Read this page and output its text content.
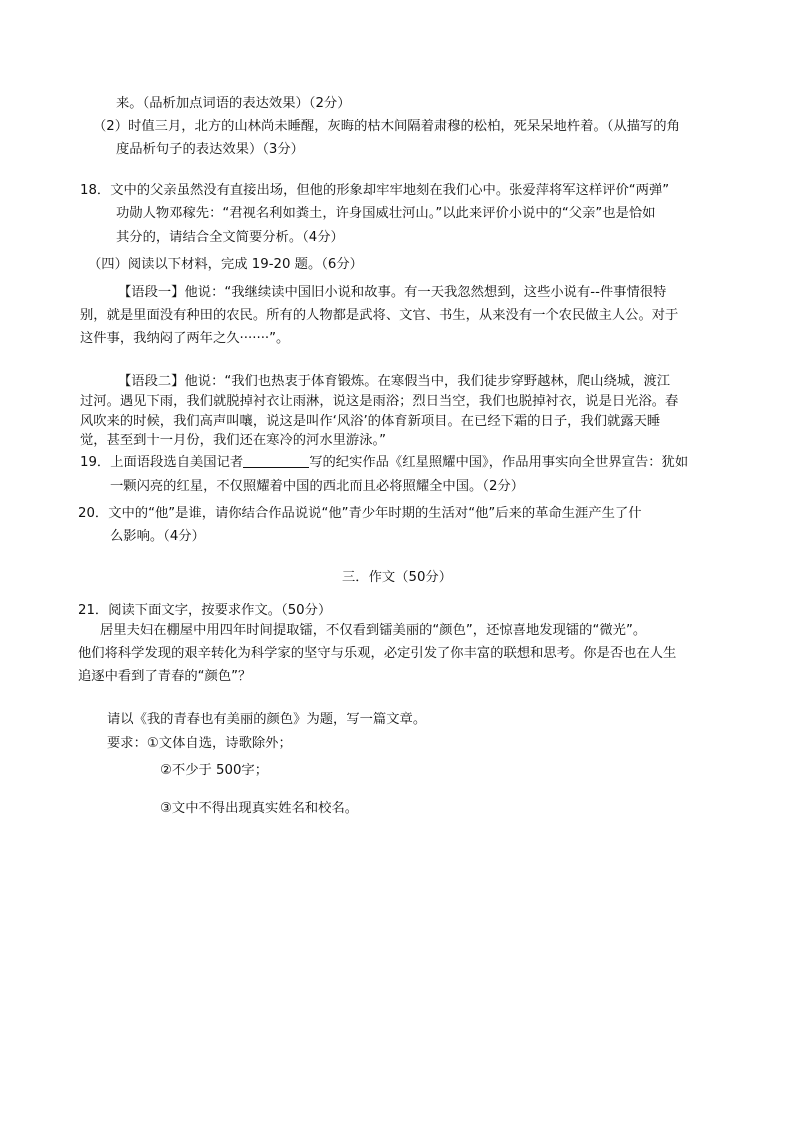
来。（品析加点词语的表达效果）（2分）
（2）时值三月，北方的山林尚未睡醒，灰晦的枯木间隔着肃穆的松柏，死呆呆地杵着。（从描写的角
度品析句子的表达效果）（3分）
18．文中的父亲虽然没有直接出场，但他的形象却牢牢地刻在我们心中。张爱萍将军这样评价“两弹”
功勋人物邓稼先：“君视名利如粪土，许身国威壮河山。”以此来评价小说中的“父亲”也是恰如
其分的，请结合全文简要分析。（4分）
（四）阅读以下材料，完成 19-20 题。（6分）
【语段一】他说：“我继续读中国旧小说和故事。有一天我忽然想到，这些小说有--件事情很特
别，就是里面没有种田的农民。所有的人物都是武将、文官、书生，从来没有一个农民做主人公。对于
这件事，我纳闷了两年之久·······”。
【语段二】他说：“我们也热衷于体育锻炼。在寒假当中，我们徒步穿野越林，爬山绕城，渡江
过河。遇见下雨，我们就脱掉衬衣让雨淋，说这是雨浴；烈日当空，我们也脱掉衬衣，说是日光浴。春
风吹来的时候，我们高声叫嚷，说这是叫作‘风浴’的体育新项目。在已经下霜的日子，我们就露天睡
觉，甚至到十一月份，我们还在寒冷的河水里游泳。”
19．上面语段选自美国记者	写的纪实作品《红星照耀中国》，作品用事实向全世界宣告：犹如
一颗闪亮的红星，不仅照耀着中国的西北而且必将照耀全中国。（2分）
20．文中的“他”是谁，请你结合作品说说“他”青少年时期的生活对“他”后来的革命生涯产生了什
么影响。（4分）
三．作文（50分）
21．阅读下面文字，按要求作文。（50分）
居里夫妇在棚屋中用四年时间提取镭，不仅看到镭美丽的“颜色”，还惊喜地发现镭的“微光”。
他们将科学发现的艰辛转化为科学家的坚守与乐观，必定引发了你丰富的联想和思考。你是否也在人生
追逐中看到了青春的“颜色”？
请以《我的青春也有美丽的颜色》为题，写一篇文章。
要求：①文体自选，诗歌除外；
②不少于 500字；
③文中不得出现真实姓名和校名。
